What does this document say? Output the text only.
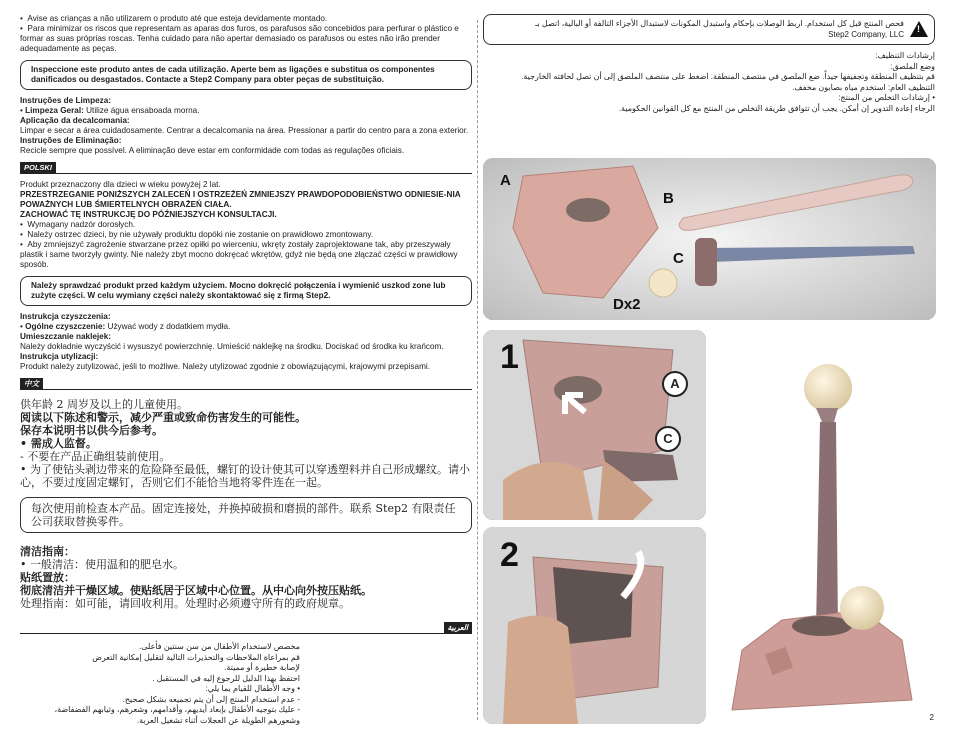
•  Avise as crianças a não utilizarem o produto até que esteja devidamente montado.

•  Para minimizar os riscos que representam as aparas dos furos, os parafusos são concebidos para perfurar o plástico e formar as suas próprias roscas. Tenha cuidado para não apertar demasiado os parafusos ou estes não irão prender adequadamente as peças.

Inspeccione este produto antes de cada utilização. Aperte bem as ligações e substitua os componentes danificados ou desgastados. Contacte a Step2 Company para obter peças de substituição.

Instruções de Limpeza:

• Limpeza Geral: Utilize água ensaboada morna.

Aplicação da decalcomania:

Limpar e secar a área cuidadosamente. Centrar a decalcomania na área. Pressionar a partir do centro para a zona exterior.

Instruções de Eliminação:

Recicle sempre que possível. A eliminação deve estar em conformidade com todas as regulações oficiais.

POLSKI

Produkt przeznaczony dla dzieci w wieku powyżej 2 lat.

PRZESTRZEGANIE PONIŻSZYCH ZALECEŃ I OSTRZEŻEŃ ZMNIEJSZY PRAWDOPODOBIEŃSTWO ODNIESIE-NIA POWAŻNYCH LUB ŚMIERTELNYCH OBRAŻEŃ CIAŁA.

ZACHOWAĆ TĘ INSTRUKCJĘ DO PÓŹNIEJSZYCH KONSULTACJI.

•  Wymagany nadzór dorosłych.

•  Należy ostrzec dzieci, by nie używały produktu dopóki nie zostanie on prawidłowo zmontowany.

•  Aby zmniejszyć zagrożenie stwarzane przez opiłki po wierceniu, wkręty zostały zaprojektowane tak, aby przeszywały plastik i same tworzyły gwinty. Nie należy zbyt mocno dokręcać wkrętów, gdyż nie będą one złączać części w prawidłowy sposób.

Należy sprawdzać produkt przed każdym użyciem. Mocno dokręcić połączenia i wymienić uszkod zone lub zużyte części. W celu wymiany części należy skontaktować się z firmą Step2.

Instrukcja czyszczenia:

• Ogólne czyszczenie: Używać wody z dodatkiem mydła.

Umieszczanie naklejek:

Należy dokładnie wyczyścić i wysuszyć powierzchnię. Umieścić naklejkę na środku. Dociskać od środka ku krańcom.

Instrukcja utylizacji:

Produkt należy zutylizować, jeśli to możliwe. Należy utylizować zgodnie z obowiązującymi, krajowymi przepisami.

中文

供年龄 2 周岁及以上的儿童使用。

阅读以下陈述和警示，减少严重或致命伤害发生的可能性。

保存本说明书以供今后参考。

• 需成人监督。

- 不要在产品正确组装前使用。

• 为了使钻头剥边带来的危险降至最低，螺钉的设计使其可以穿透塑料并自己形成螺纹。请小心，不要过度固定螺钉，否则它们不能恰当地将零件连在一起。

每次使用前检查本产品。固定连接处，并换掉破损和磨损的部件。联系 Step2 有限责任公司获取替换零件。

清洁指南：

• 一般清洁：使用温和的肥皂水。

贴纸置放：

彻底清洁并干燥区域。使贴纸居于区域中心位置。从中心向外按压贴纸。

处理指南：如可能，请回收利用。处理时必须遵守所有的政府规章。

العربية

مخصص لاستخدام الأطفال من سن سنتين فأعلى.

قم بمراعاة الملاحظات والتحذيرات التالية لتقليل إمكانية التعرض

لإصابة خطيرة أو مميتة.

احتفظ بهذا الدليل للرجوع إليه في المستقبل .

• وجه الأطفال للقيام بما يلي:

- عدم استخدام المنتج إلى أن يتم تجميعه بشكل صحيح.

- عليك بتوجيه الأطفال بإبعاد أيديهم، وأقدامهم، وشعرهم، وثيابهم الفضفاضة،

وشعورهم الطويلة عن العجلات أثناء تشغيل العربة.

!

فحص المنتج قبل كل استخدام. اربط الوصلات بإحكام واستبدل المكونات لاستبدال الأجزاء التالفة أو البالية، اتصل بـ

Step2 Company, LLC

إرشادات التنظيف:

وضع الملصق:

قم بتنظيف المنطقة وتجفيفها جيداً. ضع الملصق في منتصف المنطقة. اضغط على منتصف الملصق إلى أن تصل لحافته الخارجية.

التنظيف العام: استخدم مياه بصابون مخفف.

• إرشادات التخلص من المنتج:

الرجاء إعادة التدوير إن أمكن. يجب أن تتوافق طريقة التخلص من المنتج مع كل القوانين الحكومية.

A
B
C
Dx2
1
A
C
2
2
